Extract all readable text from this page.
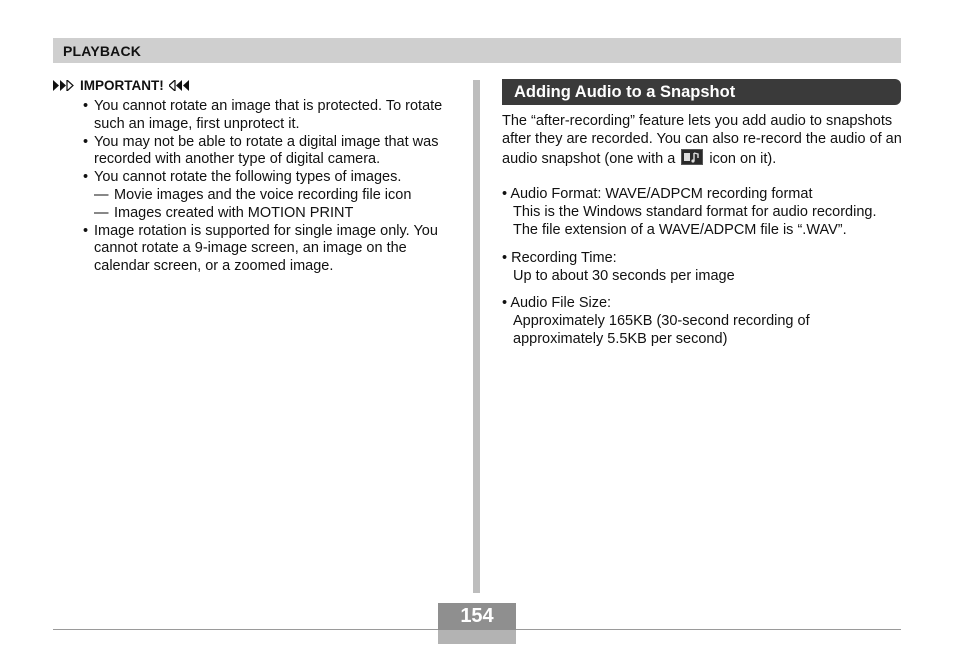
PLAYBACK
IMPORTANT!
• You cannot rotate an image that is protected. To rotate such an image, first unprotect it.
• You may not be able to rotate a digital image that was recorded with another type of digital camera.
• You cannot rotate the following types of images.
— Movie images and the voice recording file icon
— Images created with MOTION PRINT
• Image rotation is supported for single image only. You cannot rotate a 9-image screen, an image on the calendar screen, or a zoomed image.
Adding Audio to a Snapshot
The “after-recording” feature lets you add audio to snapshots after they are recorded. You can also re-record the audio of an audio snapshot (one with a icon on it).
• Audio Format: WAVE/ADPCM recording format
This is the Windows standard format for audio recording. The file extension of a WAVE/ADPCM file is “.WAV”.
• Recording Time:
Up to about 30 seconds per image
• Audio File Size:
Approximately 165KB (30-second recording of approximately 5.5KB per second)
154
